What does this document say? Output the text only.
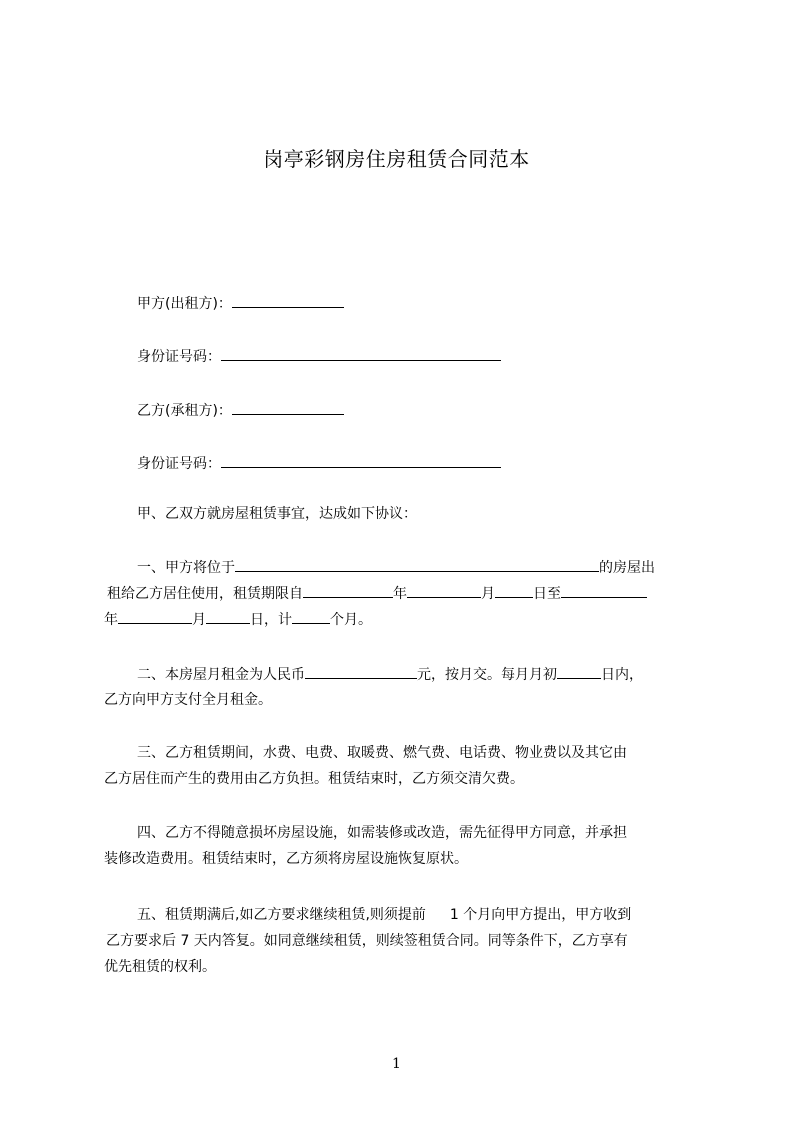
岗亭彩钢房住房租赁合同范本
甲方(出租方)：
身份证号码：
乙方(承租方)：
身份证号码：
甲、乙双方就房屋租赁事宜，达成如下协议：
一、甲方将位于	的房屋出
租给乙方居住使用，租赁期限自	年	月	日至
年	月	日，计	个月。
二、本房屋月租金为人民币	元，按月交。每月月初	日内，
乙方向甲方支付全月租金。
三、乙方租赁期间，水费、电费、取暖费、燃气费、电话费、物业费以及其它由
乙方居住而产生的费用由乙方负担。租赁结束时，乙方须交清欠费。
四、乙方不得随意损坏房屋设施，如需装修或改造，需先征得甲方同意，并承担
装修改造费用。租赁结束时，乙方须将房屋设施恢复原状。
五、租赁期满后,如乙方要求继续租赁,则须提前 1 个月向甲方提出，甲方收到
乙方要求后 7 天内答复。如同意继续租赁，则续签租赁合同。同等条件下，乙方享有
优先租赁的权利。
1
